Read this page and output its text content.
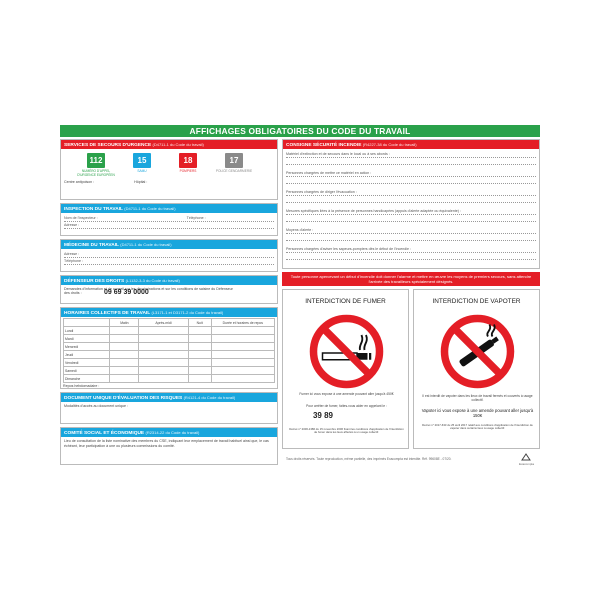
AFFICHAGES OBLIGATOIRES DU CODE DU TRAVAIL
SERVICES DE SECOURS D'URGENCE (D4711-1 du Code du travail)
112
NUMÉRO D'APPEL D'URGENCE EUROPÉEN
15
SAMU
18
POMPIERS
17
POLICE GENDARMERIE
Centre antipoison :	Hôpital :
INSPECTION DU TRAVAIL (D4711-1 du Code du travail)
Nom de l'inspecteur :	Téléphone :
Adresse :
MÉDECINE DU TRAVAIL (D4711-1 du Code du travail)
Adresse :
Téléphone :
DÉFENSEUR DES DROITS (L1132-3-3 du Code du travail)
Demandes d'information et de conseil sur les discriminations et sur les conditions de saisine du Défenseur des droits :	09 69 39 0000
HORAIRES COLLECTIFS DE TRAVAIL (L3171-1 et D3171-2 du Code du travail)
	Matin	Après-midi	Nuit	Durée et horaires de repos
Lundi				
Mardi				
Mercredi				
Jeudi				
Vendredi				
Samedi				
Dimanche				
Repos hebdomadaire :
DOCUMENT UNIQUE D'ÉVALUATION DES RISQUES (R4121-4 du Code du travail)
Modalités d'accès au document unique :
COMITÉ SOCIAL ET ÉCONOMIQUE (R2314-22 du Code du travail)
Lieu de consultation de la liste nominative des membres du CSE, indiquant leur emplacement de travail habituel ainsi que, le cas échéant, leur participation à une ou plusieurs commissions du comité.
CONSIGNE SÉCURITÉ INCENDIE (R4227-38 du Code du travail)
Matériel d'extinction et de secours dans le local ou à ses abords :
Personnes chargées de mettre ce matériel en action :
Personnes chargées de diriger l'évacuation :
Mesures spécifiques liées à la présence de personnes handicapées (appuis d'alerte adaptée ou équivalente) :
Moyens d'alerte :
Personnes chargées d'aviser les sapeurs-pompiers dès le début de l'incendie :
Toute personne apercevant un début d'incendie doit donner l'alarme et mettre en œuvre les moyens de premiers secours, sans attendre l'arrivée des travailleurs spécialement désignés.
INTERDICTION DE FUMER
Fumer ici vous expose à une amende pouvant aller jusqu'à 450€
Pour arrêter de fumer, faites-vous aider en appelant le :
39 89
Décret n° 2006-1386 du 15 novembre 2006 fixant les conditions d'application de l'interdiction de fumer dans les lieux affectés à un usage collectif.
INTERDICTION DE VAPOTER
Il est interdit de vapoter dans les lieux de travail fermés et couverts à usage collectif.
Vapoter ici vous expose à une amende pouvant aller jusqu'à 150€
Décret n° 2017-633 du 25 avril 2017 relatif aux conditions d'application de l'interdiction de vapoter dans certains lieux à usage collectif.
Tous droits réservés. Toute reproduction, même partielle, des imprimés Exacompta est interdite. Réf. 99608E - 07/20.
Exacompta
